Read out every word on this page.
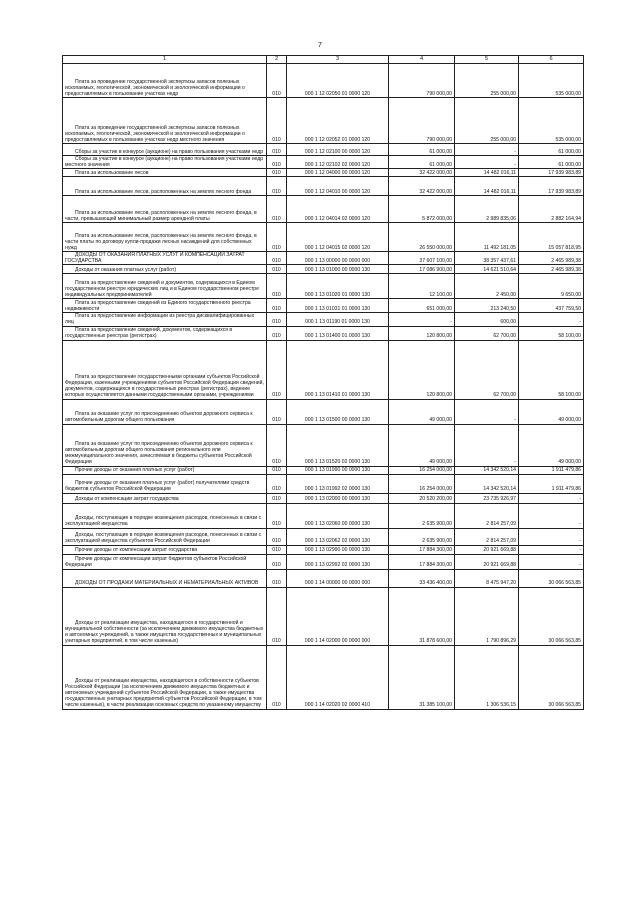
7
1	2	3	4	5	6
Плата за проведение государственной экспертизы запасов полезных ископаемых, геологической, экономической и экологической информации о предоставляемых в пользование участках недр	010	000 1 12 02050 01 0000 120	790 000,00	255 000,00	535 000,00
Плата за проведение государственной экспертизы запасов полезных ископаемых, геологической, экономической и экологической информации о предоставляемых в пользование участках недр местного значения	010	000 1 12 02052 01 0000 120	790 000,00	255 000,00	535 000,00
Сборы за участие в конкурсе (аукционе) на право пользования участками недр	010	000 1 12 02100 00 0000 120	61 000,00	-	61 000,00
Сборы за участие в конкурсе (аукционе) на право пользования участками недр местного значения	010	000 1 12 02102 02 0000 120	61 000,00	-	61 000,00
Плата за использование лесов	010	000 1 12 04000 00 0000 120	32 422 000,00	14 482 016,11	17 939 983,89
Плата за использование лесов, расположенных на землях лесного фонда	010	000 1 12 04010 00 0000 120	32 422 000,00	14 482 016,11	17 939 983,89
Плата за использование лесов, расположенных на землях лесного фонда, в части, превышающей минимальный размер арендной платы	010	000 1 12 04014 02 0000 120	5 872 000,00	2 989 835,06	2 882 164,94
Плата за использование лесов, расположенных на землях лесного фонда, в части платы по договору купли-продажи лесных насаждений для собственных нужд	010	000 1 12 04015 02 0000 120	26 550 000,00	11 492 181,05	15 057 818,95
ДОХОДЫ ОТ ОКАЗАНИЯ ПЛАТНЫХ УСЛУГ И КОМПЕНСАЦИИ ЗАТРАТ ГОСУДАРСТВА	010	000 1 13 00000 00 0000 000	37 607 100,00	38 357 437,61	2 465 989,38
Доходы от оказания платных услуг (работ)	010	000 1 13 01000 00 0000 130	17 086 900,00	14 621 510,64	2 465 989,38
Плата за предоставление сведений и документов, содержащихся в Едином государственном реестре юридических лиц и в Едином государственном реестре индивидуальных предпринимателей	010	000 1 13 01020 01 0000 130	12 100,00	2 450,00	9 650,00
Плата за предоставление сведений из Единого государственного реестра недвижимости	010	000 1 13 01031 01 0000 130	651 000,00	213 240,50	437 759,50
Плата за предоставление информации из реестра дисквалифицированных лиц	010	000 1 13 01190 01 0000 130	-	600,00	-
Плата за предоставление сведений, документов, содержащихся в государственных реестрах (регистрах)	010	000 1 13 01400 01 0000 130	120 800,00	62 700,00	58 100,00
Плата за предоставление государственными органами субъектов Российской Федерации, казенными учреждениями субъектов Российской Федерации сведений, документов, содержащихся в государственных реестрах (регистрах), ведение которых осуществляется данными государственными органами, учреждениями	010	000 1 13 01410 01 0000 130	120 800,00	62 700,00	58 100,00
Плата за оказание услуг по присоединению объектов дорожного сервиса к автомобильным дорогам общего пользования	010	000 1 13 01500 00 0000 130	49 000,00	-	49 000,00
Плата за оказание услуг по присоединению объектов дорожного сервиса к автомобильным дорогам общего пользования регионального или межмуниципального значения, зачисляемая в бюджеты субъектов Российской Федерации	010	000 1 13 01520 02 0000 130	49 000,00	-	49 000,00
Прочие доходы от оказания платных услуг (работ)	010	000 1 13 01990 00 0000 130	16 254 000,00	14 342 520,14	1 911 479,86
Прочие доходы от оказания платных услуг (работ) получателями средств бюджетов субъектов Российской Федерации	010	000 1 13 01992 02 0000 130	16 254 000,00	14 342 520,14	1 911 479,86
Доходы от компенсации затрат государства	010	000 1 13 02000 00 0000 130	20 520 200,00	23 735 926,97	-
Доходы, поступающие в порядке возмещения расходов, понесенных в связи с эксплуатацией имущества	010	000 1 13 02060 00 0000 130	2 635 900,00	2 814 257,09	-
Доходы, поступающие в порядке возмещения расходов, понесенных в связи с эксплуатацией имущества субъектов Российской Федерации	010	000 1 13 02062 02 0000 130	2 635 900,00	2 814 257,09	-
Прочие доходы от компенсации затрат государства	010	000 1 13 02990 00 0000 130	17 884 300,00	20 921 669,88	-
Прочие доходы от компенсации затрат бюджетов субъектов Российской Федерации	010	000 1 13 02992 02 0000 130	17 884 300,00	20 921 669,88	-
ДОХОДЫ ОТ ПРОДАЖИ МАТЕРИАЛЬНЫХ И НЕМАТЕРИАЛЬНЫХ АКТИВОВ	010	000 1 14 00000 00 0000 000	33 436 400,00	8 475 947,20	30 066 563,85
Доходы от реализации имущества, находящегося в государственной и муниципальной собственности (за исключением движимого имущества бюджетных и автономных учреждений, а также имущества государственных и муниципальных унитарных предприятий, в том числе казенных)	010	000 1 14 02000 00 0000 000	31 878 600,00	1 790 896,29	30 066 563,85
Доходы от реализации имущества, находящегося в собственности субъектов Российской Федерации (за исключением движимого имущества бюджетных и автономных учреждений субъектов Российской Федерации, а также имущества государственных унитарных предприятий субъектов Российской Федерации, в том числе казенных), в части реализации основных средств по указанному имуществу	010	000 1 14 02020 02 0000 410	31 385 100,00	1 306 536,15	30 066 563,85
